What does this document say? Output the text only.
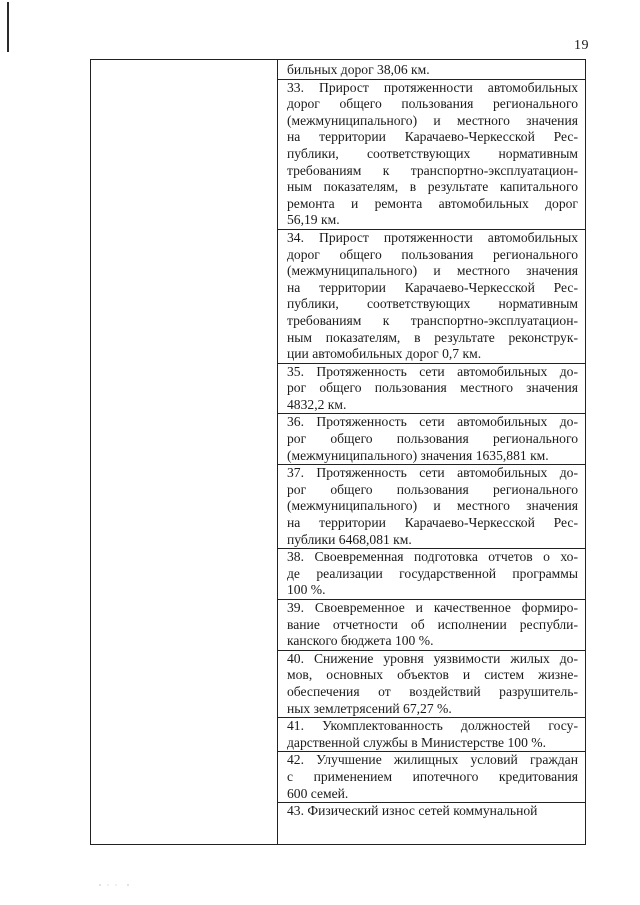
19

бильных дорог 38,06 км.

33. Прирост протяженности автомобильных

дорог общего пользования регионального

(межмуниципального) и местного значения

на территории Карачаево-Черкесской Рес-

публики, соответствующих нормативным

требованиям к транспортно-эксплуатацион-

ным показателям, в результате капитального

ремонта и ремонта автомобильных дорог

56,19 км.

34. Прирост протяженности автомобильных

дорог общего пользования регионального

(межмуниципального) и местного значения

на территории Карачаево-Черкесской Рес-

публики, соответствующих нормативным

требованиям к транспортно-эксплуатацион-

ным показателям, в результате реконструк-

ции автомобильных дорог 0,7 км.

35. Протяженность сети автомобильных до-

рог общего пользования местного значения

4832,2 км.

36. Протяженность сети автомобильных до-

рог общего пользования регионального

(межмуниципального) значения 1635,881 км.

37. Протяженность сети автомобильных до-

рог общего пользования регионального

(межмуниципального) и местного значения

на территории Карачаево-Черкесской Рес-

публики 6468,081 км.

38. Своевременная подготовка отчетов о хо-

де реализации государственной программы

100 %.

39. Своевременное и качественное формиро-

вание отчетности об исполнении республи-

канского бюджета 100 %.

40. Снижение уровня уязвимости жилых до-

мов, основных объектов и систем жизне-

обеспечения от воздействий разрушитель-

ных землетрясений 67,27 %.

41. Укомплектованность должностей госу-

дарственной службы в Министерстве 100 %.

42. Улучшение жилищных условий граждан

с применением ипотечного кредитования

600 семей.

43. Физический износ сетей коммунальной
